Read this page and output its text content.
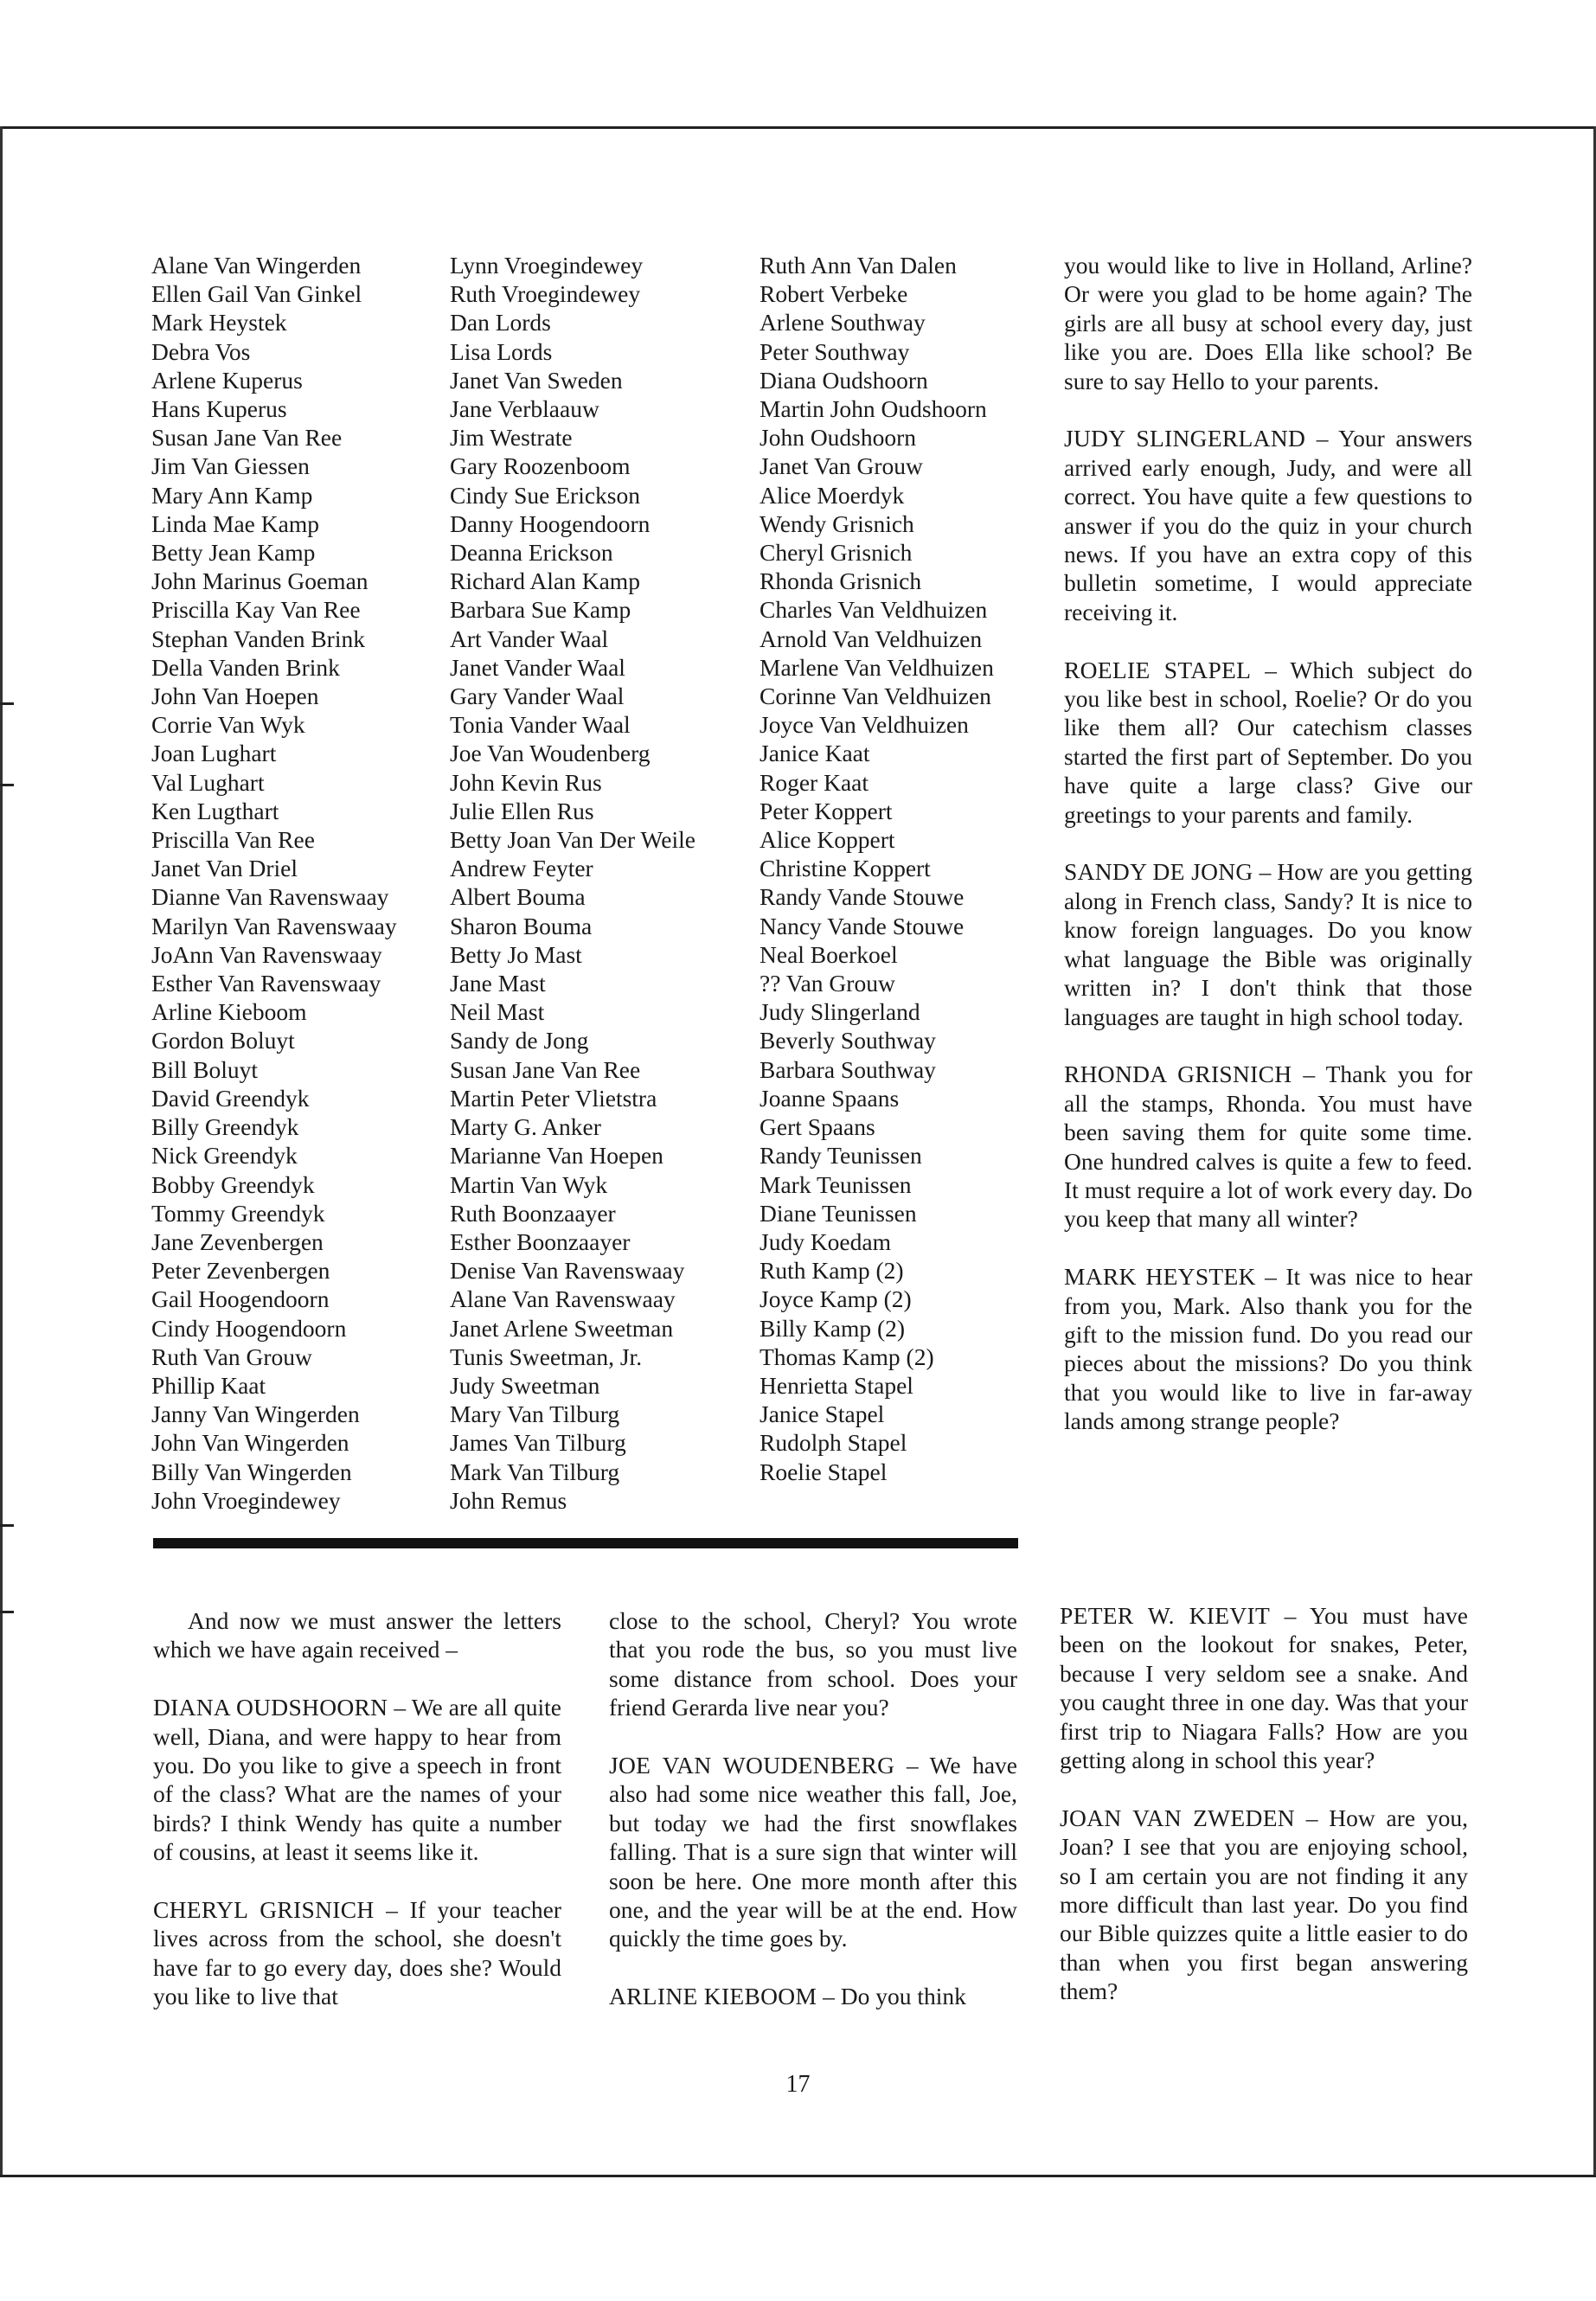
Alane Van Wingerden
Ellen Gail Van Ginkel
Mark Heystek
Debra Vos
Arlene Kuperus
Hans Kuperus
Susan Jane Van Ree
Jim Van Giessen
Mary Ann Kamp
Linda Mae Kamp
Betty Jean Kamp
John Marinus Goeman
Priscilla Kay Van Ree
Stephan Vanden Brink
Della Vanden Brink
John Van Hoepen
Corrie Van Wyk
Joan Lughart
Val Lughart
Ken Lugthart
Priscilla Van Ree
Janet Van Driel
Dianne Van Ravenswaay
Marilyn Van Ravenswaay
JoAnn Van Ravenswaay
Esther Van Ravenswaay
Arline Kieboom
Gordon Boluyt
Bill Boluyt
David Greendyk
Billy Greendyk
Nick Greendyk
Bobby Greendyk
Tommy Greendyk
Jane Zevenbergen
Peter Zevenbergen
Gail Hoogendoorn
Cindy Hoogendoorn
Ruth Van Grouw
Phillip Kaat
Janny Van Wingerden
John Van Wingerden
Billy Van Wingerden
John Vroegindewey
Lynn Vroegindewey
Ruth Vroegindewey
Dan Lords
Lisa Lords
Janet Van Sweden
Jane Verblaauw
Jim Westrate
Gary Roozenboom
Cindy Sue Erickson
Danny Hoogendoorn
Deanna Erickson
Richard Alan Kamp
Barbara Sue Kamp
Art Vander Waal
Janet Vander Waal
Gary Vander Waal
Tonia Vander Waal
Joe Van Woudenberg
John Kevin Rus
Julie Ellen Rus
Betty Joan Van Der Weile
Andrew Feyter
Albert Bouma
Sharon Bouma
Betty Jo Mast
Jane Mast
Neil Mast
Sandy de Jong
Susan Jane Van Ree
Martin Peter Vlietstra
Marty G. Anker
Marianne Van Hoepen
Martin Van Wyk
Ruth Boonzaayer
Esther Boonzaayer
Denise Van Ravenswaay
Alane Van Ravenswaay
Janet Arlene Sweetman
Tunis Sweetman, Jr.
Judy Sweetman
Mary Van Tilburg
James Van Tilburg
Mark Van Tilburg
John Remus
Ruth Ann Van Dalen
Robert Verbeke
Arlene Southway
Peter Southway
Diana Oudshoorn
Martin John Oudshoorn
John Oudshoorn
Janet Van Grouw
Alice Moerdyk
Wendy Grisnich
Cheryl Grisnich
Rhonda Grisnich
Charles Van Veldhuizen
Arnold Van Veldhuizen
Marlene Van Veldhuizen
Corinne Van Veldhuizen
Joyce Van Veldhuizen
Janice Kaat
Roger Kaat
Peter Koppert
Alice Koppert
Christine Koppert
Randy Vande Stouwe
Nancy Vande Stouwe
Neal Boerkoel
?? Van Grouw
Judy Slingerland
Beverly Southway
Barbara Southway
Joanne Spaans
Gert Spaans
Randy Teunissen
Mark Teunissen
Diane Teunissen
Judy Koedam
Ruth Kamp (2)
Joyce Kamp (2)
Billy Kamp (2)
Thomas Kamp (2)
Henrietta Stapel
Janice Stapel
Rudolph Stapel
Roelie Stapel

you would like to live in Holland, Arline? Or were you glad to be home again? The girls are all busy at school every day, just like you are. Does Ella like school? Be sure to say Hello to your parents.

JUDY SLINGERLAND – Your answers arrived early enough, Judy, and were all correct. You have quite a few questions to answer if you do the quiz in your church news. If you have an extra copy of this bulletin sometime, I would appreciate receiving it.

ROELIE STAPEL – Which subject do you like best in school, Roelie? Or do you like them all? Our catechism classes started the first part of September. Do you have quite a large class? Give our greetings to your parents and family.

SANDY DE JONG – How are you getting along in French class, Sandy? It is nice to know foreign languages. Do you know what language the Bible was originally written in? I don't think that those languages are taught in high school today.

RHONDA GRISNICH – Thank you for all the stamps, Rhonda. You must have been saving them for quite some time. One hundred calves is quite a few to feed. It must require a lot of work every day. Do you keep that many all winter?

MARK HEYSTEK – It was nice to hear from you, Mark. Also thank you for the gift to the mission fund. Do you read our pieces about the missions? Do you think that you would like to live in far-away lands among strange people?

And now we must answer the letters which we have again received –

DIANA OUDSHOORN – We are all quite well, Diana, and were happy to hear from you. Do you like to give a speech in front of the class? What are the names of your birds? I think Wendy has quite a number of cousins, at least it seems like it.

CHERYL GRISNICH – If your teacher lives across from the school, she doesn't have far to go every day, does she? Would you like to live that

close to the school, Cheryl? You wrote that you rode the bus, so you must live some distance from school. Does your friend Gerarda live near you?

JOE VAN WOUDENBERG – We have also had some nice weather this fall, Joe, but today we had the first snowflakes falling. That is a sure sign that winter will soon be here. One more month after this one, and the year will be at the end. How quickly the time goes by.

ARLINE KIEBOOM – Do you think

PETER W. KIEVIT – You must have been on the lookout for snakes, Peter, because I very seldom see a snake. And you caught three in one day. Was that your first trip to Niagara Falls? How are you getting along in school this year?

JOAN VAN ZWEDEN – How are you, Joan? I see that you are enjoying school, so I am certain you are not finding it any more difficult than last year. Do you find our Bible quizzes quite a little easier to do than when you first began answering them?

17
